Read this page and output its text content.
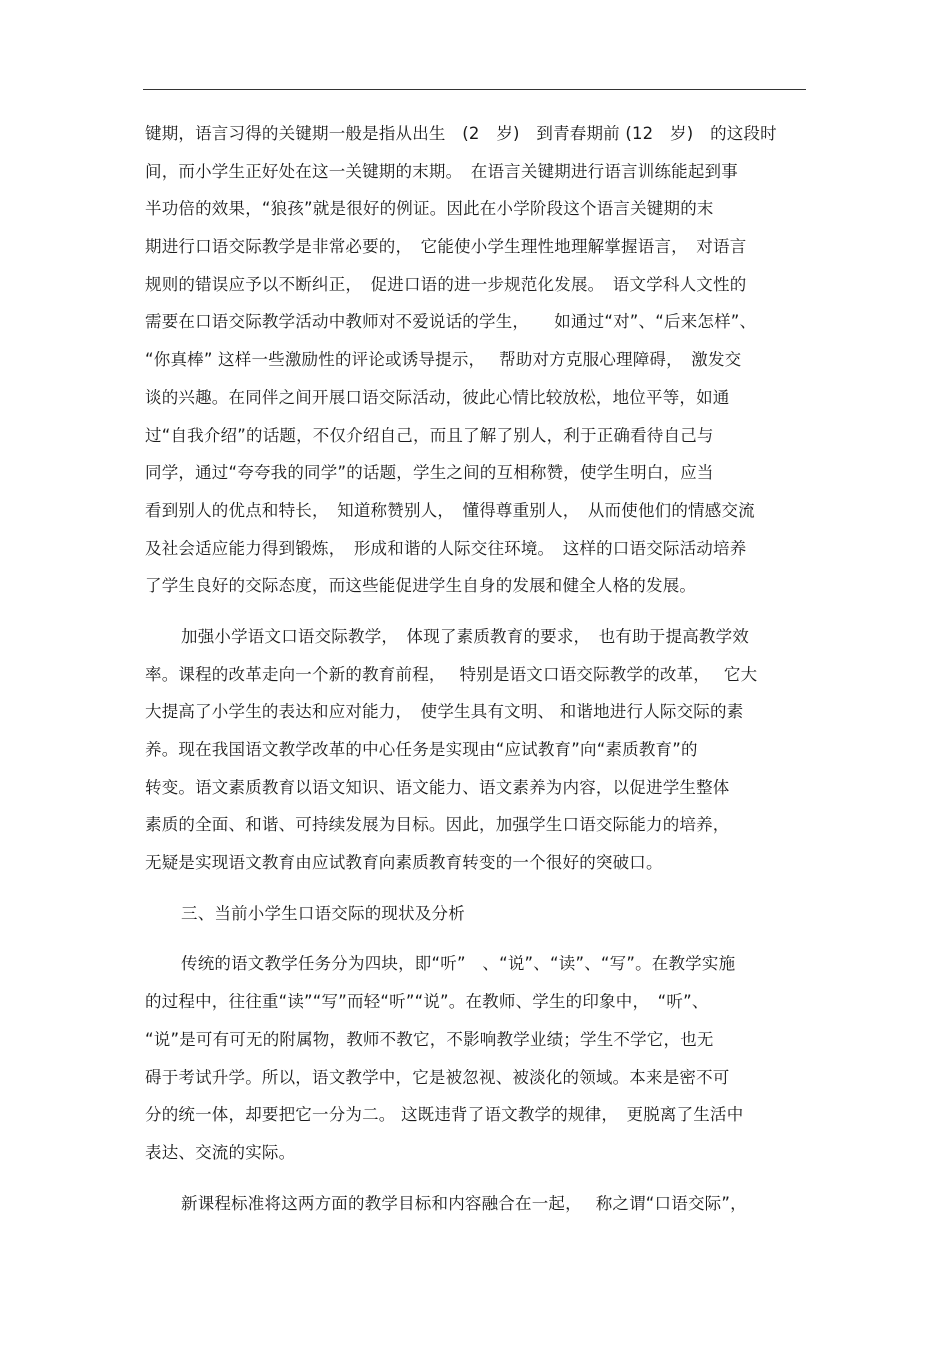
键期，语言习得的关键期一般是指从出生　(2　岁)　到青春期前 (12　岁)　的这段时
间，而小学生正好处在这一关键期的末期。　在语言关键期进行语言训练能起到事
半功倍的效果，“狼孩”就是很好的例证。因此在小学阶段这个语言关键期的末
期进行口语交际教学是非常必要的，　它能使小学生理性地理解掌握语言，　对语言
规则的错误应予以不断纠正，　促进口语的进一步规范化发展。　语文学科人文性的
需要在口语交际教学活动中教师对不爱说话的学生，　　如通过“对”、“后来怎样”、
“你真棒” 这样一些激励性的评论或诱导提示，　 帮助对方克服心理障碍，　激发交
谈的兴趣。在同伴之间开展口语交际活动，彼此心情比较放松，地位平等，如通
过“自我介绍”的话题，不仅介绍自己，而且了解了别人，利于正确看待自己与
同学，通过“夸夸我的同学”的话题，学生之间的互相称赞，使学生明白，应当
看到别人的优点和特长，　知道称赞别人，　懂得尊重别人，　从而使他们的情感交流
及社会适应能力得到锻炼，　形成和谐的人际交往环境。　这样的口语交际活动培养
了学生良好的交际态度，而这些能促进学生自身的发展和健全人格的发展。
加强小学语文口语交际教学，　体现了素质教育的要求，　也有助于提高教学效
率。课程的改革走向一个新的教育前程，　 特别是语文口语交际教学的改革，　 它大
大提高了小学生的表达和应对能力，　使学生具有文明、 和谐地进行人际交际的素
养。现在我国语文教学改革的中心任务是实现由“应试教育”向“素质教育”的
转变。语文素质教育以语文知识、语文能力、语文素养为内容，以促进学生整体
素质的全面、和谐、可持续发展为目标。因此，加强学生口语交际能力的培养，
无疑是实现语文教育由应试教育向素质教育转变的一个很好的突破口。
三、当前小学生口语交际的现状及分析
传统的语文教学任务分为四块，即“听”　、“说”、“读”、“写”。在教学实施
的过程中，往往重“读”“写”而轻“听”“说”。在教师、学生的印象中，　“听”、
“说”是可有可无的附属物，教师不教它，不影响教学业绩；学生不学它，也无
碍于考试升学。所以，语文教学中，它是被忽视、被淡化的领域。本来是密不可
分的统一体，却要把它一分为二。 这既违背了语文教学的规律，　更脱离了生活中
表达、交流的实际。
新课程标准将这两方面的教学目标和内容融合在一起，　 称之谓“口语交际”，
